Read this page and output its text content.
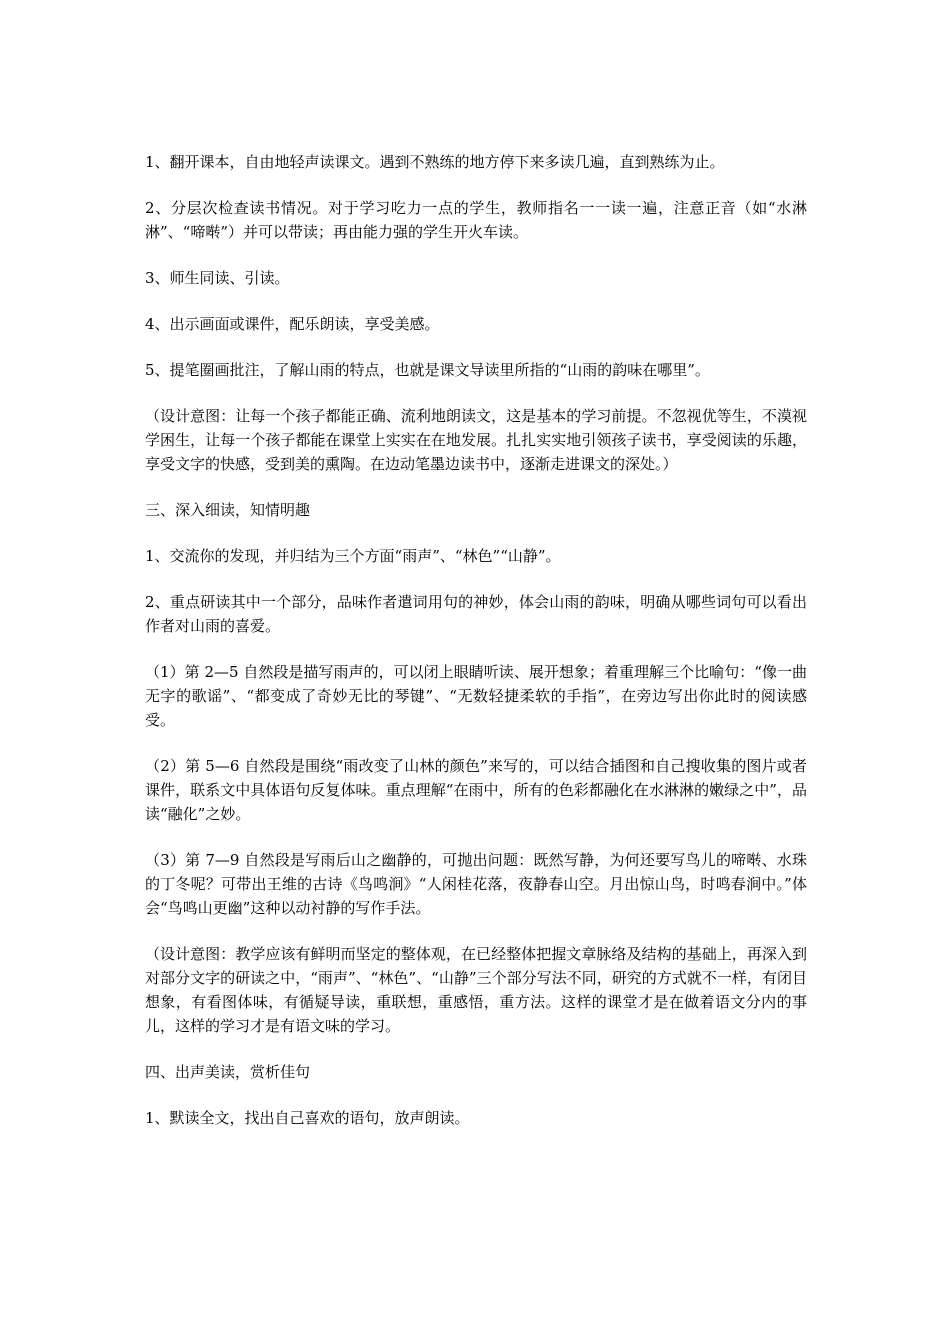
1、翻开课本，自由地轻声读课文。遇到不熟练的地方停下来多读几遍，直到熟练为止。

2、分层次检查读书情况。对于学习吃力一点的学生，教师指名一一读一遍，注意正音（如“水淋淋”、“啼啭”）并可以带读；再由能力强的学生开火车读。

3、师生同读、引读。

4、出示画面或课件，配乐朗读，享受美感。

5、提笔圈画批注，了解山雨的特点，也就是课文导读里所指的“山雨的韵味在哪里”。

（设计意图：让每一个孩子都能正确、流利地朗读文，这是基本的学习前提。不忽视优等生，不漠视学困生，让每一个孩子都能在课堂上实实在在地发展。扎扎实实地引领孩子读书，享受阅读的乐趣，享受文字的快感，受到美的熏陶。在边动笔墨边读书中，逐渐走进课文的深处。）

三、深入细读，知情明趣

1、交流你的发现，并归结为三个方面“雨声”、“林色”“山静”。

2、重点研读其中一个部分，品味作者遣词用句的神妙，体会山雨的韵味，明确从哪些词句可以看出作者对山雨的喜爱。

（1）第 2—5 自然段是描写雨声的，可以闭上眼睛听读、展开想象；着重理解三个比喻句：“像一曲无字的歌谣”、“都变成了奇妙无比的琴键”、“无数轻捷柔软的手指”，在旁边写出你此时的阅读感受。

（2）第 5—6 自然段是围绕“雨改变了山林的颜色”来写的，可以结合插图和自己搜收集的图片或者课件，联系文中具体语句反复体味。重点理解“在雨中，所有的色彩都融化在水淋淋的嫩绿之中”，品读“融化”之妙。

（3）第 7—9 自然段是写雨后山之幽静的，可抛出问题：既然写静，为何还要写鸟儿的啼啭、水珠的丁冬呢？可带出王维的古诗《鸟鸣涧》“人闲桂花落，夜静春山空。月出惊山鸟，时鸣春涧中。”体会“鸟鸣山更幽”这种以动衬静的写作手法。

（设计意图：教学应该有鲜明而坚定的整体观，在已经整体把握文章脉络及结构的基础上，再深入到对部分文字的研读之中，“雨声”、“林色”、“山静”三个部分写法不同，研究的方式就不一样，有闭目想象，有看图体味，有循疑导读，重联想，重感悟，重方法。这样的课堂才是在做着语文分内的事儿，这样的学习才是有语文味的学习。

四、出声美读，赏析佳句

1、默读全文，找出自己喜欢的语句，放声朗读。
